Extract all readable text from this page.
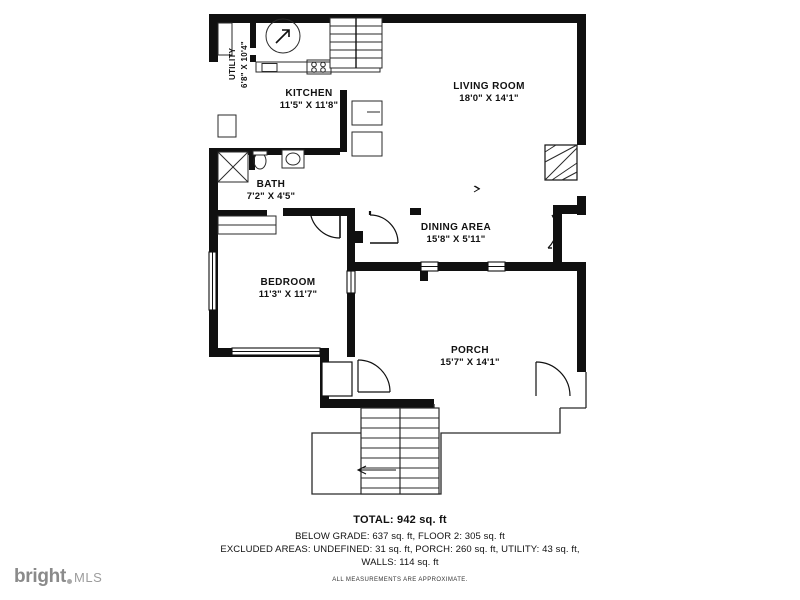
UTILITY 6'8" X 10'4"
KITCHEN
11'5" X 11'8"
LIVING ROOM
18'0" X 14'1"
BATH
7'2" X 4'5"
DINING AREA
15'8" X 5'11"
BEDROOM
11'3" X 11'7"
PORCH
15'7" X 14'1"
TOTAL: 942 sq. ft
BELOW GRADE: 637 sq. ft, FLOOR 2: 305 sq. ft
EXCLUDED AREAS: UNDEFINED: 31 sq. ft, PORCH: 260 sq. ft, UTILITY: 43 sq. ft,
WALLS: 114 sq. ft
ALL MEASUREMENTS ARE APPROXIMATE.
bright MLS
